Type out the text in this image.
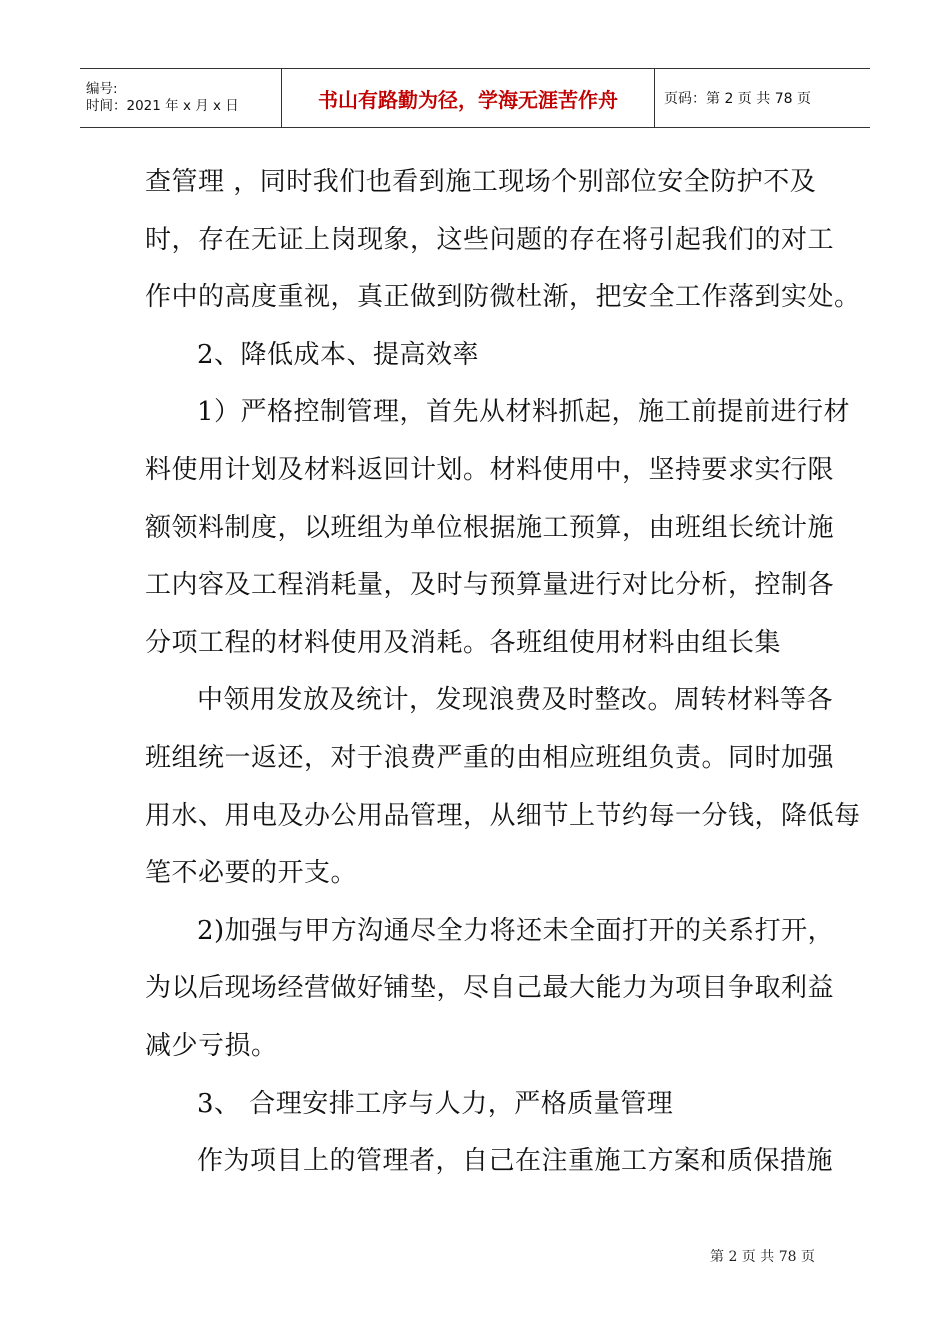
编号:
时间：2021 年 x 月 x 日	书山有路勤为径，学海无涯苦作舟	页码：第 2 页 共 78 页
查管理 ，同时我们也看到施工现场个别部位安全防护不及
时，存在无证上岗现象，这些问题的存在将引起我们的对工
作中的高度重视，真正做到防微杜渐，把安全工作落到实处。
2、降低成本、提高效率
1）严格控制管理，首先从材料抓起，施工前提前进行材
料使用计划及材料返回计划。材料使用中，坚持要求实行限
额领料制度，以班组为单位根据施工预算，由班组长统计施
工内容及工程消耗量，及时与预算量进行对比分析，控制各
分项工程的材料使用及消耗。各班组使用材料由组长集
中领用发放及统计，发现浪费及时整改。周转材料等各
班组统一返还，对于浪费严重的由相应班组负责。同时加强
用水、用电及办公用品管理，从细节上节约每一分钱，降低每
笔不必要的开支。
2)加强与甲方沟通尽全力将还未全面打开的关系打开，
为以后现场经营做好铺垫，尽自己最大能力为项目争取利益
减少亏损。
3、 合理安排工序与人力，严格质量管理
作为项目上的管理者，自己在注重施工方案和质保措施
第 2 页 共 78 页
